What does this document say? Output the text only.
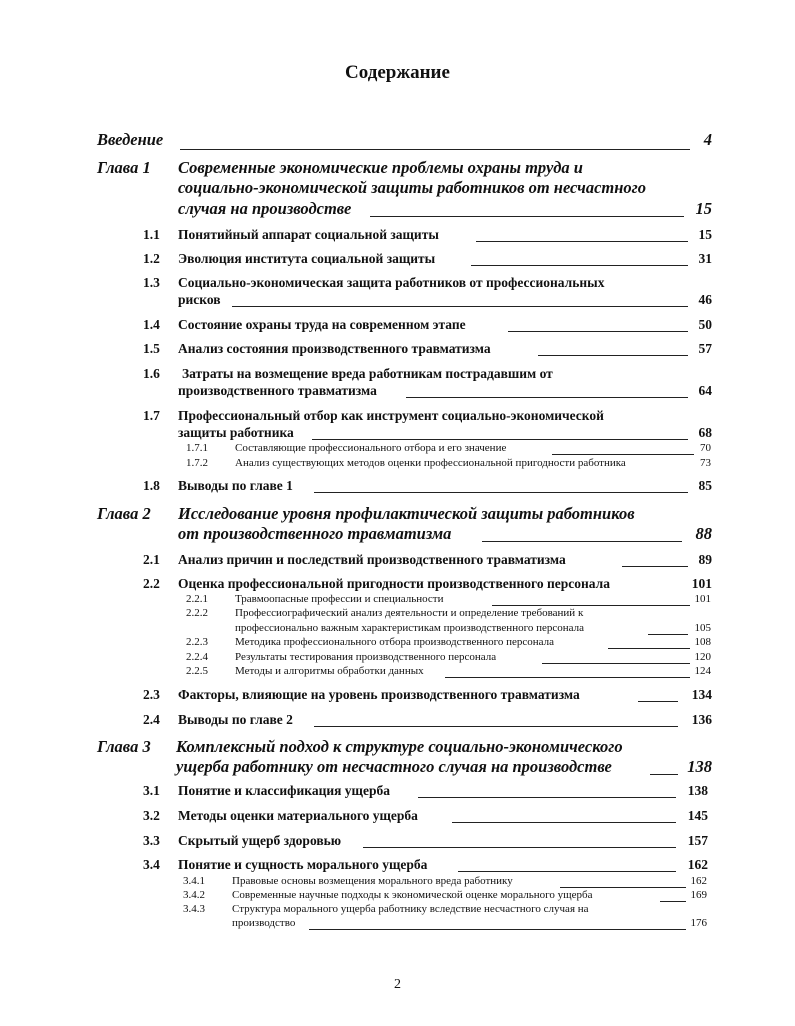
Содержание
Введение	4
Глава 1 Современные экономические проблемы охраны труда и
социально-экономической защиты работников от несчастного
случая на производстве	15
1.1 Понятийный аппарат социальной защиты	15
1.2 Эволюция института социальной защиты	31
1.3 Социально-экономическая защита работников от профессиональных
рисков	46
1.4 Состояние охраны труда на современном этапе	50
1.5 Анализ состояния производственного травматизма	57
1.6 Затраты на возмещение вреда работникам пострадавшим от
производственного травматизма	64
1.7 Профессиональный отбор как инструмент социально-экономической
защиты работника	68
1.7.1 Составляющие профессионального отбора и его значение	70
1.7.2 Анализ существующих методов оценки профессиональной пригодности работника	73
1.8 Выводы по главе 1	85
Глава 2 Исследование уровня профилактической защиты работников
от производственного травматизма	88
2.1 Анализ причин и последствий производственного травматизма	89
2.2 Оценка профессиональной пригодности производственного персонала	101
2.2.1 Травмоопасные профессии и специальности	101
2.2.2 Профессиографический анализ деятельности и определение требований к
профессионально важным характеристикам производственного персонала	105
2.2.3 Методика профессионального отбора производственного персонала	108
2.2.4 Результаты тестирования производственного персонала	120
2.2.5 Методы и алгоритмы обработки данных	124
2.3 Факторы, влияющие на уровень производственного травматизма	134
2.4 Выводы по главе 2	136
Глава 3 Комплексный подход к структуре социально-экономического
ущерба работнику от несчастного случая на производстве	138
3.1 Понятие и классификация ущерба	138
3.2 Методы оценки материального ущерба	145
3.3 Скрытый ущерб здоровью	157
3.4 Понятие и сущность морального ущерба	162
3.4.1 Правовые основы возмещения морального вреда работнику	162
3.4.2 Современные научные подходы к экономической оценке морального ущерба	169
3.4.3 Структура морального ущерба работнику вследствие несчастного случая на
производство	176
2
